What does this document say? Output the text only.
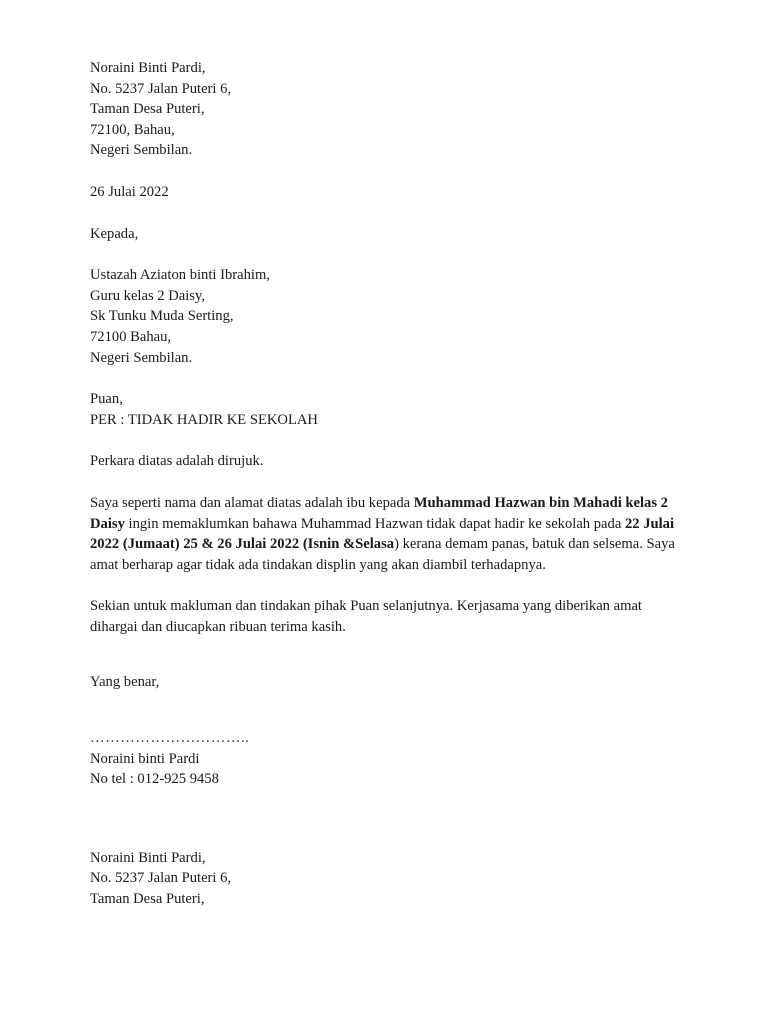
Noraini Binti Pardi,
No. 5237 Jalan Puteri 6,
Taman Desa Puteri,
72100, Bahau,
Negeri Sembilan.
26 Julai 2022
Kepada,
Ustazah Aziaton binti Ibrahim,
Guru kelas 2 Daisy,
Sk Tunku Muda Serting,
72100 Bahau,
Negeri Sembilan.
Puan,
PER : TIDAK HADIR KE SEKOLAH
Perkara diatas adalah dirujuk.
Saya seperti nama dan alamat diatas adalah ibu kepada Muhammad Hazwan bin Mahadi kelas 2 Daisy ingin memaklumkan bahawa Muhammad Hazwan tidak dapat hadir ke sekolah pada 22 Julai 2022 (Jumaat) 25 & 26 Julai 2022 (Isnin &Selasa) kerana demam panas, batuk dan selsema. Saya amat berharap agar tidak ada tindakan displin yang akan diambil terhadapnya.
Sekian untuk makluman dan tindakan pihak Puan selanjutnya. Kerjasama yang diberikan amat dihargai dan diucapkan ribuan terima kasih.
Yang benar,
…………………………..
Noraini binti Pardi
No tel : 012-925 9458
Noraini Binti Pardi,
No. 5237 Jalan Puteri 6,
Taman Desa Puteri,
